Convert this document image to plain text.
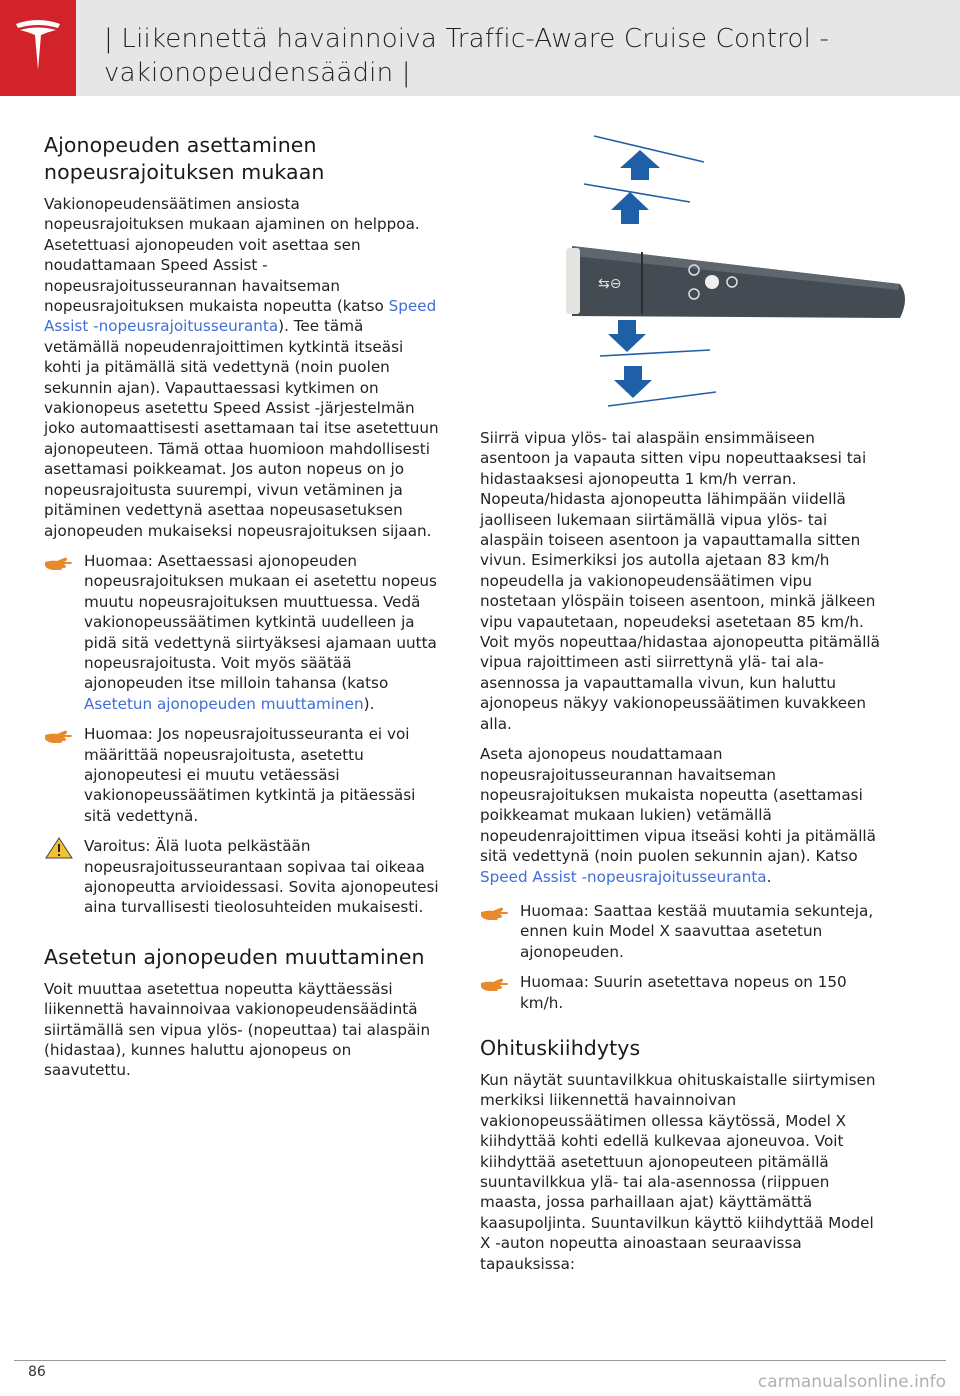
| Liikennettä havainnoiva Traffic-Aware Cruise Control - vakionopeudensäädin |
Ajonopeuden asettaminen nopeusrajoituksen mukaan

Vakionopeudensäätimen ansiosta nopeusrajoituksen mukaan ajaminen on helppoa. Asetettuasi ajonopeuden voit asettaa sen noudattamaan Speed Assist -nopeusrajoitusseurannan havaitseman nopeusrajoituksen mukaista nopeutta (katso Speed Assist -nopeusrajoitusseuranta). Tee tämä vetämällä nopeudenrajoittimen kytkintä itseäsi kohti ja pitämällä sitä vedettynä (noin puolen sekunnin ajan). Vapauttaessasi kytkimen on vakionopeus asetettu Speed Assist -järjestelmän joko automaattisesti asettamaan tai itse asetettuun ajonopeuteen. Tämä ottaa huomioon mahdollisesti asettamasi poikkeamat. Jos auton nopeus on jo nopeusrajoitusta suurempi, vivun vetäminen ja pitäminen vedettynä asettaa nopeusasetuksen ajonopeuden mukaiseksi nopeusrajoituksen sijaan.

Huomaa: Asettaessasi ajonopeuden nopeusrajoituksen mukaan ei asetettu nopeus muutu nopeusrajoituksen muuttuessa. Vedä vakionopeussäätimen kytkintä uudelleen ja pidä sitä vedettynä siirtyäksesi ajamaan uutta nopeusrajoitusta. Voit myös säätää ajonopeuden itse milloin tahansa (katso Asetetun ajonopeuden muuttaminen).
Huomaa: Jos nopeusrajoitusseuranta ei voi määrittää nopeusrajoitusta, asetettu ajonopeutesi ei muutu vetäessäsi vakionopeussäätimen kytkintä ja pitäessäsi sitä vedettynä.
Varoitus: Älä luota pelkästään nopeusrajoitusseurantaan sopivaa tai oikeaa ajonopeutta arvioidessasi. Sovita ajonopeutesi aina turvallisesti tieolosuhteiden mukaisesti.
Asetetun ajonopeuden muuttaminen

Voit muuttaa asetettua nopeutta käyttäessäsi liikennettä havainnoivaa vakionopeudensäädintä siirtämällä sen vipua ylös- (nopeuttaa) tai alaspäin (hidastaa), kunnes haluttu ajonopeus on saavutettu.

⇆⊖

Siirrä vipua ylös- tai alaspäin ensimmäiseen asentoon ja vapauta sitten vipu nopeuttaaksesi tai hidastaaksesi ajonopeutta 1 km/h verran. Nopeuta/hidasta ajonopeutta lähimpään viidellä jaolliseen lukemaan siirtämällä vipua ylös- tai alaspäin toiseen asentoon ja vapauttamalla sitten vivun. Esimerkiksi jos autolla ajetaan 83 km/h nopeudella ja vakionopeudensäätimen vipu nostetaan ylöspäin toiseen asentoon, minkä jälkeen vipu vapautetaan, nopeudeksi asetetaan 85 km/h. Voit myös nopeuttaa/hidastaa ajonopeutta pitämällä vipua rajoittimeen asti siirrettynä ylä- tai ala-asennossa ja vapauttamalla vivun, kun haluttu ajonopeus näkyy vakionopeussäätimen kuvakkeen alla.

Aseta ajonopeus noudattamaan nopeusrajoitusseurannan havaitseman nopeusrajoituksen mukaista nopeutta (asettamasi poikkeamat mukaan lukien) vetämällä nopeudenrajoittimen vipua itseäsi kohti ja pitämällä sitä vedettynä (noin puolen sekunnin ajan). Katso Speed Assist -nopeusrajoitusseuranta.

Huomaa: Saattaa kestää muutamia sekunteja, ennen kuin Model X saavuttaa asetetun ajonopeuden.
Huomaa: Suurin asetettava nopeus on 150 km/h.
Ohituskiihdytys

Kun näytät suuntavilkkua ohituskaistalle siirtymisen merkiksi liikennettä havainnoivan vakionopeussäätimen ollessa käytössä, Model X kiihdyttää kohti edellä kulkevaa ajoneuvoa. Voit kiihdyttää asetettuun ajonopeuteen pitämällä suuntavilkkua ylä- tai ala-asennossa (riippuen maasta, jossa parhaillaan ajat) käyttämättä kaasupoljinta. Suuntavilkun käyttö kiihdyttää Model X -auton nopeutta ainoastaan seuraavissa tapauksissa:

86	carmanualsonline.info
